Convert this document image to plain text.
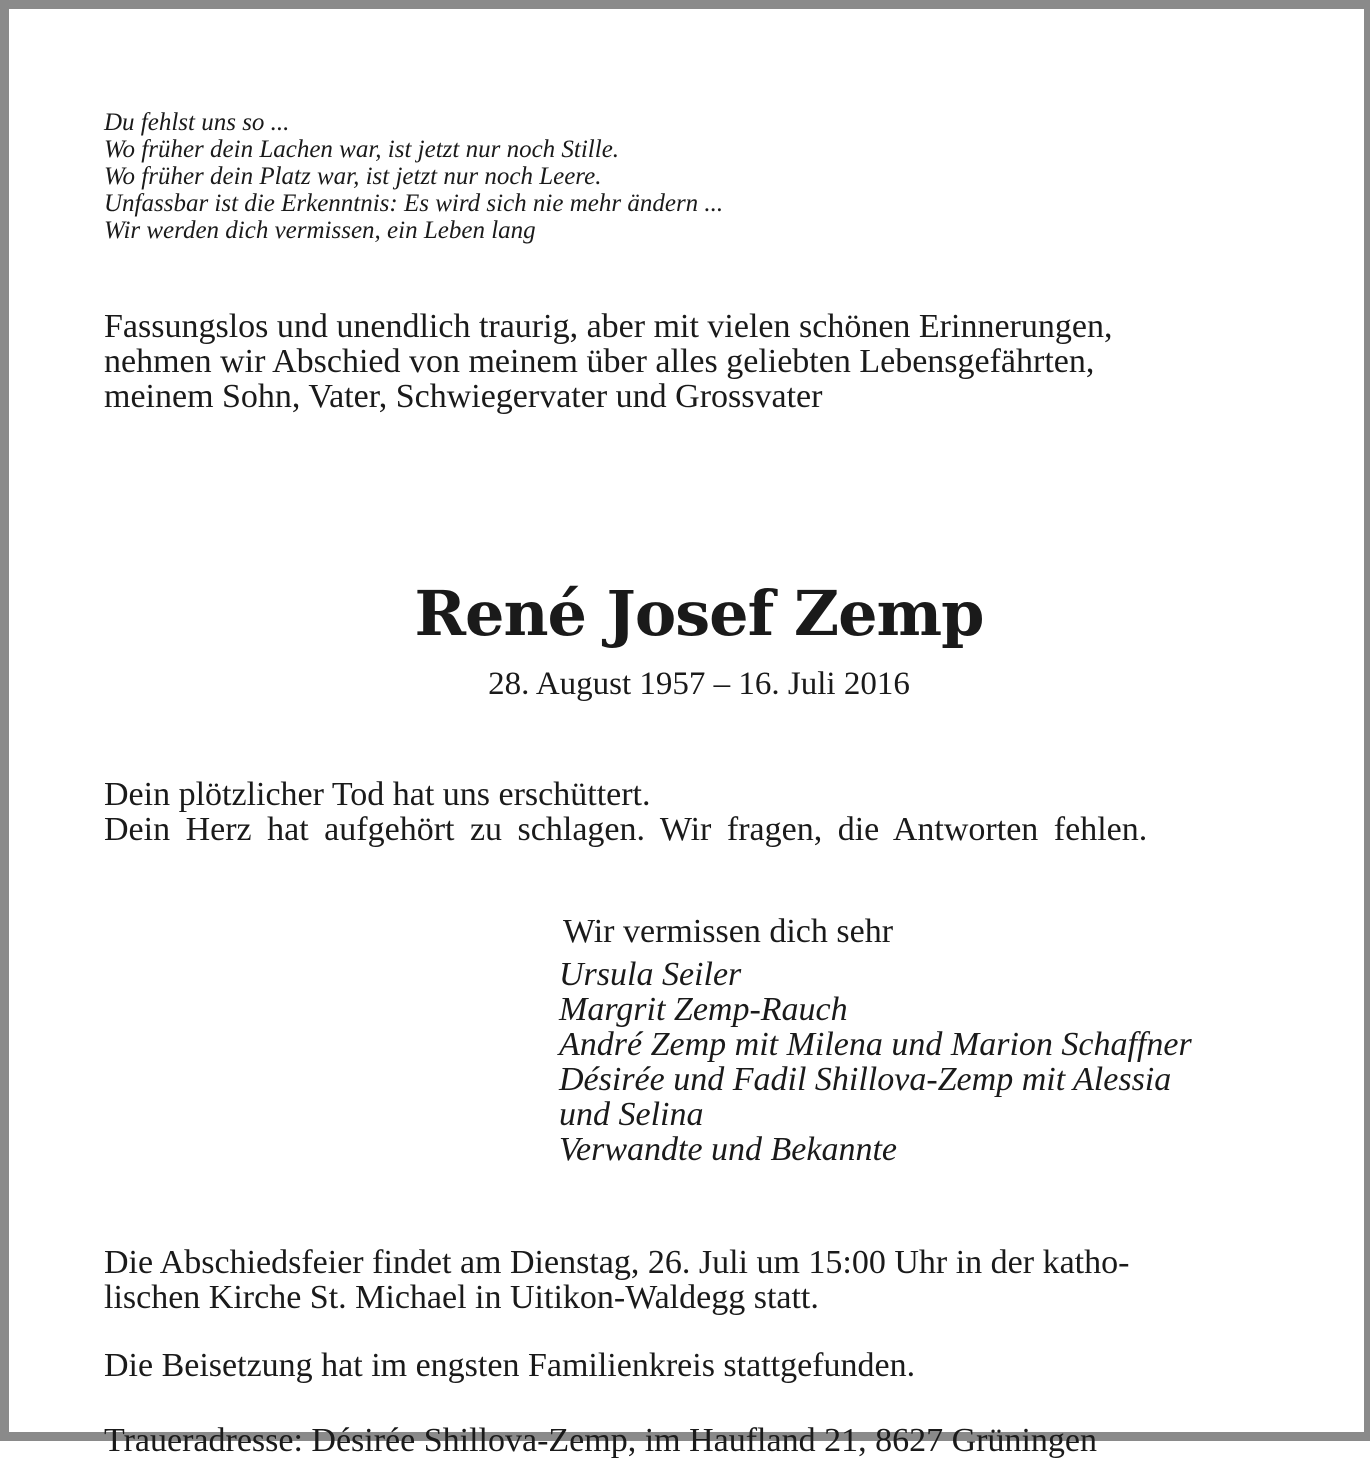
Du fehlst uns so ...
Wo früher dein Lachen war, ist jetzt nur noch Stille.
Wo früher dein Platz war, ist jetzt nur noch Leere.
Unfassbar ist die Erkenntnis: Es wird sich nie mehr ändern ...
Wir werden dich vermissen, ein Leben lang
Fassungslos und unendlich traurig, aber mit vielen schönen Erinnerungen,
nehmen wir Abschied von meinem über alles geliebten Lebensgefährten,
meinem Sohn, Vater, Schwiegervater und Grossvater
René Josef Zemp
28. August 1957 – 16. Juli 2016
Dein plötzlicher Tod hat uns erschüttert.
Dein Herz hat aufgehört zu schlagen. Wir fragen, die Antworten fehlen.
Wir vermissen dich sehr
Ursula Seiler
Margrit Zemp-Rauch
André Zemp mit Milena und Marion Schaffner
Désirée und Fadil Shillova-Zemp mit Alessia
und Selina
Verwandte und Bekannte
Die Abschiedsfeier findet am Dienstag, 26. Juli um 15:00 Uhr in der katho-
lischen Kirche St. Michael in Uitikon-Waldegg statt.
Die Beisetzung hat im engsten Familienkreis stattgefunden.
Traueradresse: Désirée Shillova-Zemp, im Haufland 21, 8627 Grüningen
